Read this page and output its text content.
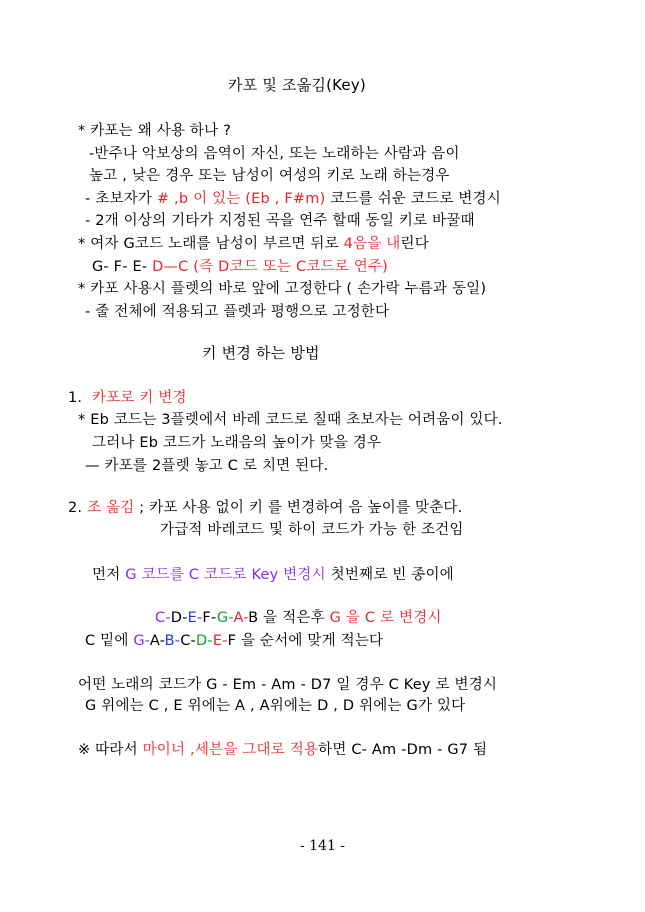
카포 및 조옮김(Key)
* 카포는 왜 사용 하나 ?
-반주나 악보상의 음역이 자신, 또는 노래하는 사람과 음이
높고 , 낮은 경우 또는 남성이 여성의 키로 노래 하는경우
- 초보자가 # ,b 이 있는 (Eb , F#m) 코드를 쉬운 코드로 변경시
- 2개 이상의 기타가 지정된 곡을 연주 할때 동일 키로 바꿀때
* 여자 G코드 노래를 남성이 부르면 뒤로 4음을 내린다
G- F- E- D—C (즉 D코드 또는 C코드로 연주)
* 카포 사용시 플렛의 바로 앞에 고정한다 ( 손가락 누름과 동일)
- 줄 전체에 적용되고 플렛과 평행으로 고정한다
키 변경 하는 방법
1. 카포로 키 변경
* Eb 코드는 3플렛에서 바레 코드로 칠때 초보자는 어려움이 있다.
그러나 Eb 코드가 노래음의 높이가 맞을 경우
— 카포를 2플렛 놓고 C 로 치면 된다.
2. 조 옮김 ; 카포 사용 없이 키 를 변경하여 음 높이를 맞춘다.
가급적 바레코드 및 하이 코드가 가능 한 조건임
먼저 G 코드를 C 코드로 Key 변경시 첫번째로 빈 종이에
C-D-E-F-G-A-B 을 적은후 G 을 C 로 변경시
C 밑에 G-A-B-C-D-E-F 을 순서에 맞게 적는다
어떤 노래의 코드가 G - Em - Am - D7 일 경우 C Key 로 변경시
G 위에는 C , E 위에는 A , A위에는 D , D 위에는 G가 있다
※ 따라서 마이너 ,세븐을 그대로 적용하면 C- Am -Dm - G7 됨
- 141 -
